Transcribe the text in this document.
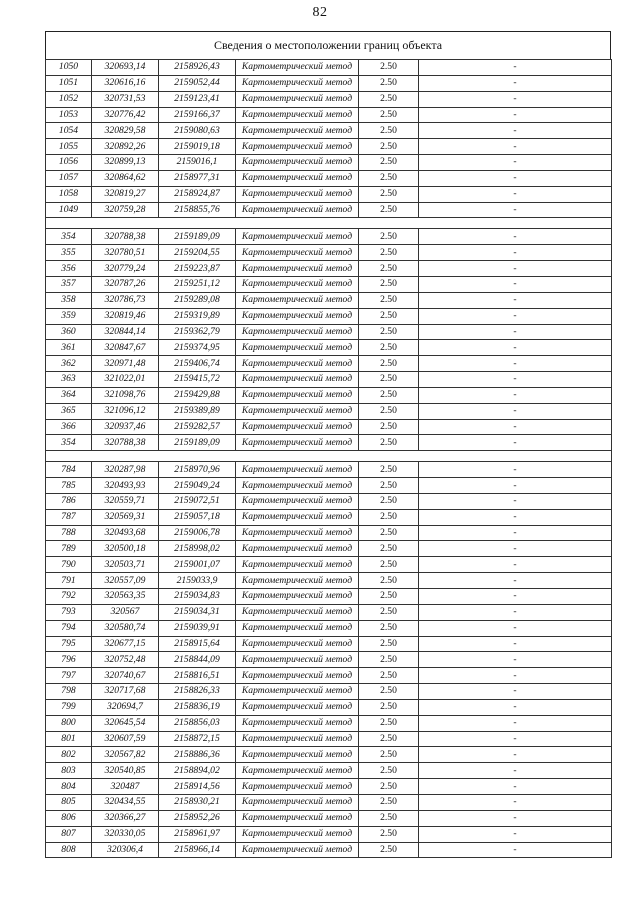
82
Сведения о местоположении границ объекта
1050	320693,14	2158926,43	Картометрический метод	2.50	-
1051	320616,16	2159052,44	Картометрический метод	2.50	-
1052	320731,53	2159123,41	Картометрический метод	2.50	-
1053	320776,42	2159166,37	Картометрический метод	2.50	-
1054	320829,58	2159080,63	Картометрический метод	2.50	-
1055	320892,26	2159019,18	Картометрический метод	2.50	-
1056	320899,13	2159016,1	Картометрический метод	2.50	-
1057	320864,62	2158977,31	Картометрический метод	2.50	-
1058	320819,27	2158924,87	Картометрический метод	2.50	-
1049	320759,28	2158855,76	Картометрический метод	2.50	-

354	320788,38	2159189,09	Картометрический метод	2.50	-
355	320780,51	2159204,55	Картометрический метод	2.50	-
356	320779,24	2159223,87	Картометрический метод	2.50	-
357	320787,26	2159251,12	Картометрический метод	2.50	-
358	320786,73	2159289,08	Картометрический метод	2.50	-
359	320819,46	2159319,89	Картометрический метод	2.50	-
360	320844,14	2159362,79	Картометрический метод	2.50	-
361	320847,67	2159374,95	Картометрический метод	2.50	-
362	320971,48	2159406,74	Картометрический метод	2.50	-
363	321022,01	2159415,72	Картометрический метод	2.50	-
364	321098,76	2159429,88	Картометрический метод	2.50	-
365	321096,12	2159389,89	Картометрический метод	2.50	-
366	320937,46	2159282,57	Картометрический метод	2.50	-
354	320788,38	2159189,09	Картометрический метод	2.50	-

784	320287,98	2158970,96	Картометрический метод	2.50	-
785	320493,93	2159049,24	Картометрический метод	2.50	-
786	320559,71	2159072,51	Картометрический метод	2.50	-
787	320569,31	2159057,18	Картометрический метод	2.50	-
788	320493,68	2159006,78	Картометрический метод	2.50	-
789	320500,18	2158998,02	Картометрический метод	2.50	-
790	320503,71	2159001,07	Картометрический метод	2.50	-
791	320557,09	2159033,9	Картометрический метод	2.50	-
792	320563,35	2159034,83	Картометрический метод	2.50	-
793	320567	2159034,31	Картометрический метод	2.50	-
794	320580,74	2159039,91	Картометрический метод	2.50	-
795	320677,15	2158915,64	Картометрический метод	2.50	-
796	320752,48	2158844,09	Картометрический метод	2.50	-
797	320740,67	2158816,51	Картометрический метод	2.50	-
798	320717,68	2158826,33	Картометрический метод	2.50	-
799	320694,7	2158836,19	Картометрический метод	2.50	-
800	320645,54	2158856,03	Картометрический метод	2.50	-
801	320607,59	2158872,15	Картометрический метод	2.50	-
802	320567,82	2158886,36	Картометрический метод	2.50	-
803	320540,85	2158894,02	Картометрический метод	2.50	-
804	320487	2158914,56	Картометрический метод	2.50	-
805	320434,55	2158930,21	Картометрический метод	2.50	-
806	320366,27	2158952,26	Картометрический метод	2.50	-
807	320330,05	2158961,97	Картометрический метод	2.50	-
808	320306,4	2158966,14	Картометрический метод	2.50	-
